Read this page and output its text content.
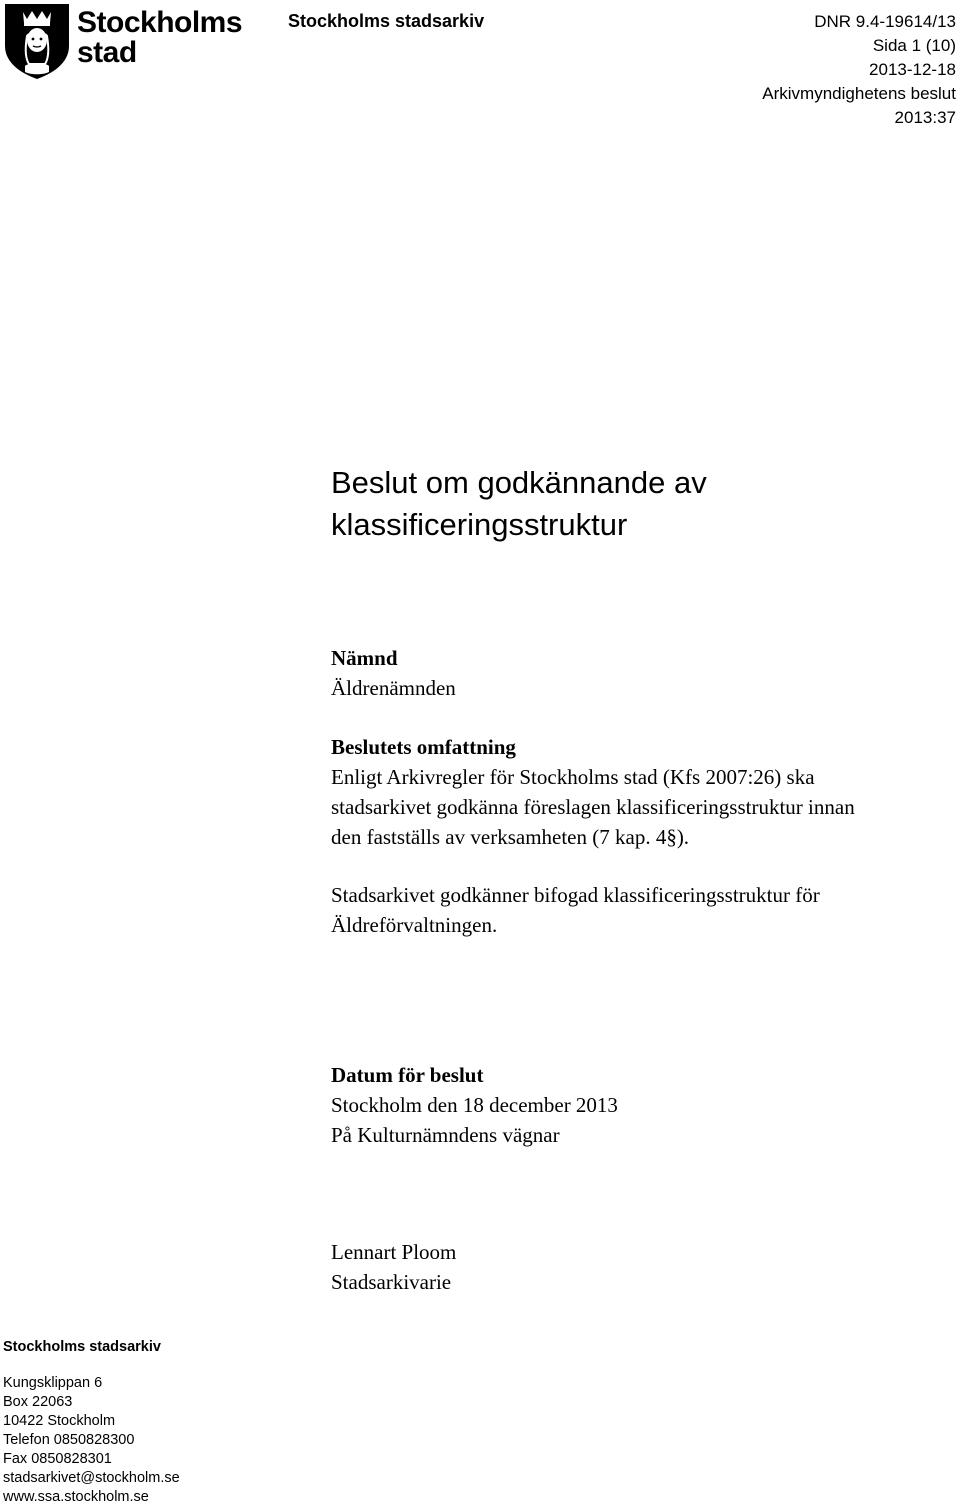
Stockholms
stad
Stockholms stadsarkiv	DNR 9.4-19614/13
Sida 1 (10)
2013-12-18
Arkivmyndighetens beslut
2013:37
Beslut om godkännande av
klassificeringsstruktur
Nämnd
Äldrenämnden
Beslutets omfattning
Enligt Arkivregler för Stockholms stad (Kfs 2007:26) ska
stadsarkivet godkänna föreslagen klassificeringsstruktur innan
den fastställs av verksamheten (7 kap. 4§).
Stadsarkivet godkänner bifogad klassificeringsstruktur för
Äldreförvaltningen.
Datum för beslut
Stockholm den 18 december 2013
På Kulturnämndens vägnar
Lennart Ploom
Stadsarkivarie
Stockholms stadsarkiv
Kungsklippan 6
Box 22063
10422 Stockholm
Telefon 0850828300
Fax 0850828301
stadsarkivet@stockholm.se
www.ssa.stockholm.se
